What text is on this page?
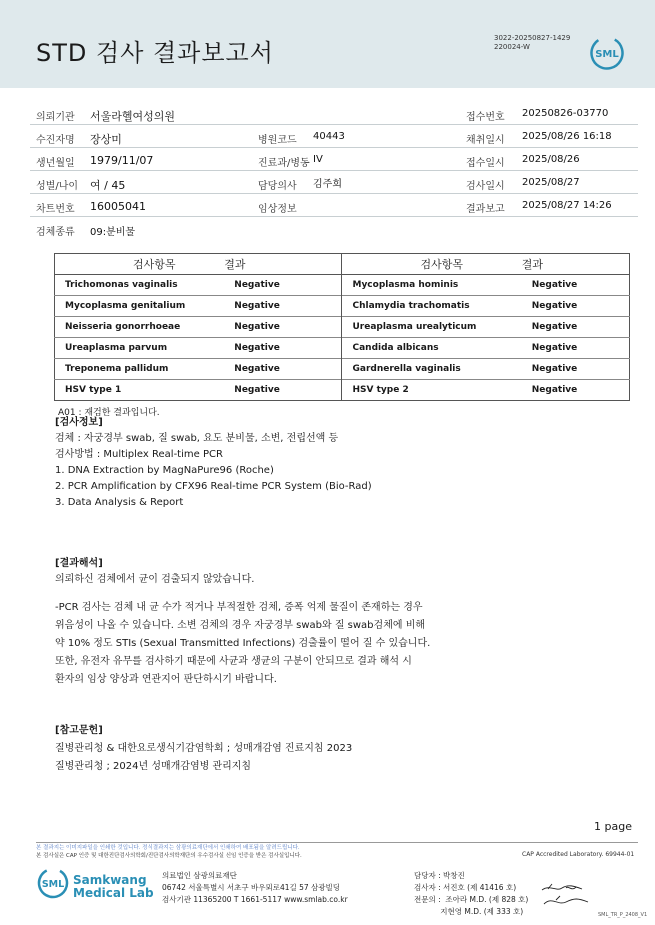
STD 검사 결과보고서
3022-20250827-1429
220024-W
SML
의뢰기관 서울라헬여성의원	접수번호 20250826-03770
수진자명 장상미	병원코드 40443	채취일시 2025/08/26 16:18
생년월일 1979/11/07	진료과/병동 IV	접수일시 2025/08/26
성별/나이 여 / 45	담당의사 김주희	검사일시 2025/08/27
차트번호 16005041	임상정보	결과보고 2025/08/27 14:26
검체종류 09:분비물
검사항목	결과	검사항목	결과
Trichomonas vaginalis	Negative	Mycoplasma hominis	Negative
Mycoplasma genitalium	Negative	Chlamydia trachomatis	Negative
Neisseria gonorrhoeae	Negative	Ureaplasma urealyticum	Negative
Ureaplasma parvum	Negative	Candida albicans	Negative
Treponema pallidum	Negative	Gardnerella vaginalis	Negative
HSV type 1	Negative	HSV type 2	Negative
A01 : 재검한 결과입니다.
[검사정보]
검체 : 자궁경부 swab, 질 swab, 요도 분비물, 소변, 전립선액 등
검사방법 : Multiplex Real-time PCR
1. DNA Extraction by MagNaPure96 (Roche)
2. PCR Amplification by CFX96 Real-time PCR System (Bio-Rad)
3. Data Analysis & Report
[결과해석]
의뢰하신 검체에서 균이 검출되지 않았습니다.
-PCR 검사는 검체 내 균 수가 적거나 부적절한 검체, 증폭 억제 물질이 존재하는 경우
위음성이 나올 수 있습니다. 소변 검체의 경우 자궁경부 swab와 질 swab검체에 비해
약 10% 정도 STIs (Sexual Transmitted Infections) 검출률이 떨어 질 수 있습니다.
또한, 유전자 유무를 검사하기 때문에 사균과 생균의 구분이 안되므로 결과 해석 시
환자의 임상 양상과 연관지어 판단하시기 바랍니다.
[참고문헌]
질병관리청 & 대한요로생식기감염학회 ; 성매개감염 진료지침 2023
질병관리청 ; 2024년 성매개감염병 관리지침
1 page
본 결과지는 이미지파일을 인쇄한 것입니다. 정식결과지는 삼광의료재단에서 인쇄하여 배포됨을 알려드립니다.
본 검사실은 CAP 인증 및 대한진단검사의학회/진단검사의학재단의 우수검사실 신임 인증을 받은 검사실입니다.	CAP Accredited Laboratory. 69944-01
SML Samkwang
Medical Lab
의료법인 삼광의료재단
06742 서울특별시 서초구 바우뫼로41길 57 삼광빌딩
검사기관 11365200 T 1661-5117 www.smlab.co.kr
담당자 : 박창진
검사자 : 서진호 (제 41416 호)
전문의 :  조아라 M.D. (제 828 호)
지현영 M.D. (제 333 호)	SML_TR_P_2408_V1
